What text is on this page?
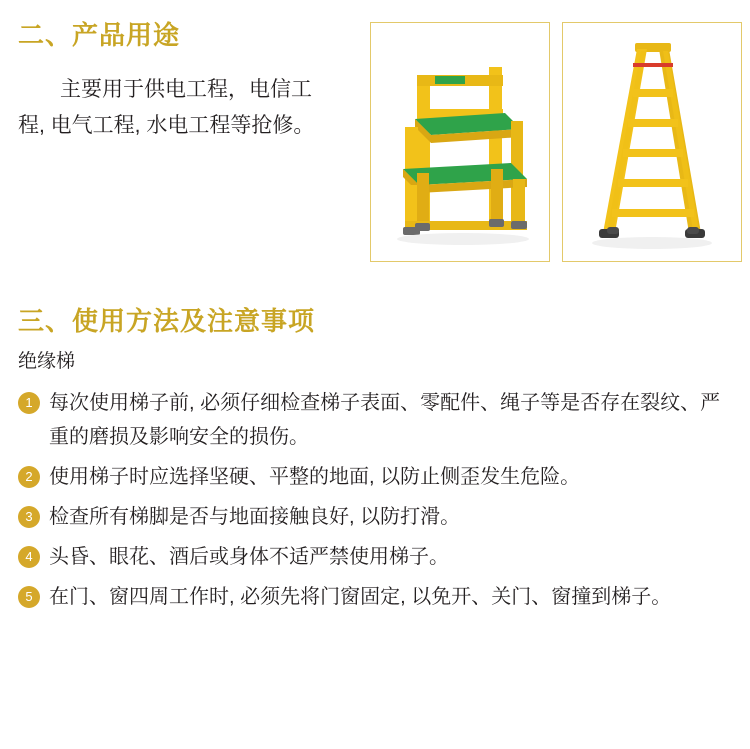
二、产品用途
主要用于供电工程，电信工程, 电气工程, 水电工程等抢修。
三、使用方法及注意事项
绝缘梯
1 每次使用梯子前, 必须仔细检查梯子表面、零配件、绳子等是否存在裂纹、严重的磨损及影响安全的损伤。
2 使用梯子时应选择坚硬、平整的地面, 以防止侧歪发生危险。
3 检查所有梯脚是否与地面接触良好, 以防打滑。
4 头昏、眼花、酒后或身体不适严禁使用梯子。
5 在门、窗四周工作时, 必须先将门窗固定, 以免开、关门、窗撞到梯子。
